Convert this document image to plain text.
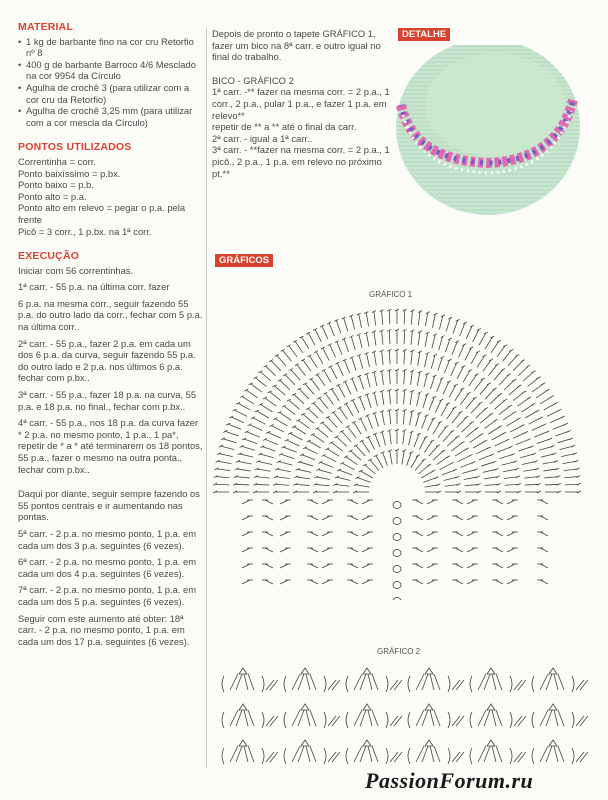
MATERIAL
• 1 kg de barbante fino na cor cru Retorfio nº 8
• 400 g de barbante Barroco 4/6 Mesclado na cor 9954 da Círculo
• Agulha de crochê 3 (para utilizar com a cor cru da Retorfio)
• Agulha de crochê 3,25 mm (para utilizar com a cor mescla da Círculo)
PONTOS UTILIZADOS
Correntinha = corr.
Ponto baixíssimo = p.bx.
Ponto baixo = p.b.
Ponto alto = p.a.
Ponto alto em relevo = pegar o p.a. pela frente
Picô = 3 corr., 1 p.bx. na 1ª corr.
EXECUÇÃO
Iniciar com 56 correntinhas.
1ª carr. - 55 p.a. na última corr. fazer
6 p.a. na mesma corr., seguir fazendo 55 p.a. do outro lado da corr., fechar com 5 p.a. na última corr..
2ª carr. - 55 p.a., fazer 2 p.a. em cada um dos 6 p.a. da curva, seguir fazendo 55 p.a. do outro lado e 2 p.a. nos últimos 6 p.a. fechar com p.bx..
3ª carr. - 55 p.a., fazer 18 p.a. na curva, 55 p.a. e 18 p.a. no final., fechar com p.bx..
4ª carr. - 55 p.a., nos 18 p.a. da curva fazer * 2 p.a. no mesmo ponto, 1 p.a., 1 pa*, repetir de * a * até terminarem os 18 pontos, 55 p.a., fazer o mesmo na outra ponta., fechar com p.bx..
Daqui por diante, seguir sempre fazendo os 55 pontos centrais e ir aumentando nas pontas.
5ª carr. - 2 p.a. no mesmo ponto, 1 p.a. em cada um dos 3 p.a. seguintes (6 vezes).
6ª carr. - 2 p.a. no mesmo ponto, 1 p.a. em cada um dos 4 p.a. seguintes (6 vezes).
7ª carr. - 2 p.a. no mesmo ponto, 1 p.a. em cada um dos 5 p.a. seguintes (6 vezes).
Seguir com este aumento até obter: 18ª carr. - 2 p.a. no mesmo ponto, 1 p.a. em cada um dos 17 p.a. seguintes (6 vezes).
Depois de pronto o tapete GRÁFICO 1, fazer um bico na 8ª carr. e outro igual no final do trabalho.
BICO - GRÁFICO 2
1ª carr. -** fazer na mesma corr. = 2 p.a., 1 corr., 2 p.a., pular 1 p.a., e fazer 1 p.a. em relevo**
repetir de ** a ** até o final da carr.
2ª carr. - igual a 1ª carr..
3ª carr. - **fazer na mesma corr. = 2 p.a., 1 picô., 2 p.a., 1 p.a. em relevo no próximo pt.**
DETALHE
GRÁFICOS
GRÁFICO 1
GRÁFICO 2
PassionForum.ru
